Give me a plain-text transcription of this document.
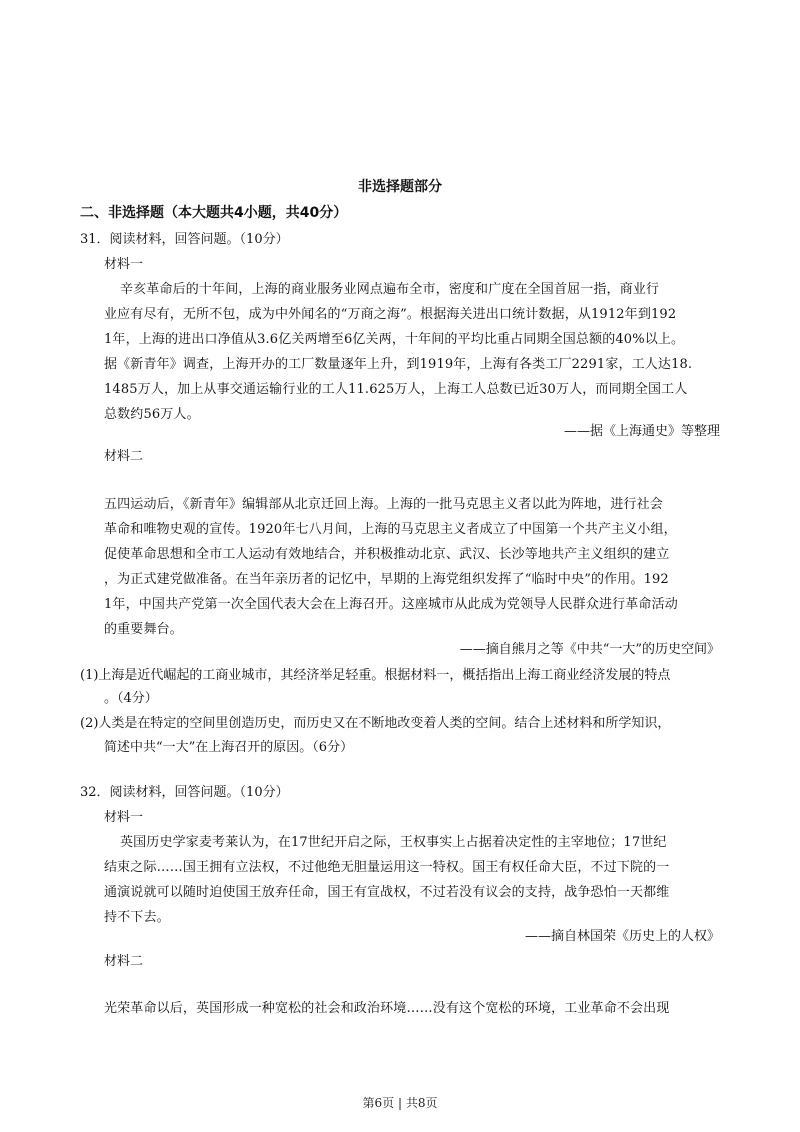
非选择题部分
二、非选择题（本大题共4小题，共40分）
31．阅读材料，回答问题。（10分）
材料一
辛亥革命后的十年间，上海的商业服务业网点遍布全市，密度和广度在全国首屈一指，商业行
业应有尽有，无所不包，成为中外闻名的“万商之海”。根据海关进出口统计数据，从1912年到192
1年，上海的进出口净值从3.6亿关两增至6亿关两，十年间的平均比重占同期全国总额的40%以上。
据《新青年》调查，上海开办的工厂数量逐年上升，到1919年，上海有各类工厂2291家，工人达18.
1485万人，加上从事交通运输行业的工人11.625万人，上海工人总数已近30万人，而同期全国工人
总数约56万人。
——据《上海通史》等整理
材料二
五四运动后，《新青年》编辑部从北京迁回上海。上海的一批马克思主义者以此为阵地，进行社会
革命和唯物史观的宣传。1920年七八月间，上海的马克思主义者成立了中国第一个共产主义小组，
促使革命思想和全市工人运动有效地结合，并积极推动北京、武汉、长沙等地共产主义组织的建立
，为正式建党做准备。在当年亲历者的记忆中，早期的上海党组织发挥了“临时中央”的作用。192
1年，中国共产党第一次全国代表大会在上海召开。这座城市从此成为党领导人民群众进行革命活动
的重要舞台。
——摘自熊月之等《中共“一大”的历史空间》
(1)上海是近代崛起的工商业城市，其经济举足轻重。根据材料一，概括指出上海工商业经济发展的特点
。（4分）
(2)人类是在特定的空间里创造历史，而历史又在不断地改变着人类的空间。结合上述材料和所学知识，
简述中共“一大”在上海召开的原因。（6分）
32．阅读材料，回答问题。（10分）
材料一
英国历史学家麦考莱认为，在17世纪开启之际，王权事实上占据着决定性的主宰地位；17世纪
结束之际……国王拥有立法权，不过他绝无胆量运用这一特权。国王有权任命大臣，不过下院的一
通演说就可以随时迫使国王放弃任命，国王有宣战权，不过若没有议会的支持，战争恐怕一天都维
持不下去。
——摘自林国荣《历史上的人权》
材料二
光荣革命以后，英国形成一种宽松的社会和政治环境……没有这个宽松的环境，工业革命不会出现
第6页 | 共8页
